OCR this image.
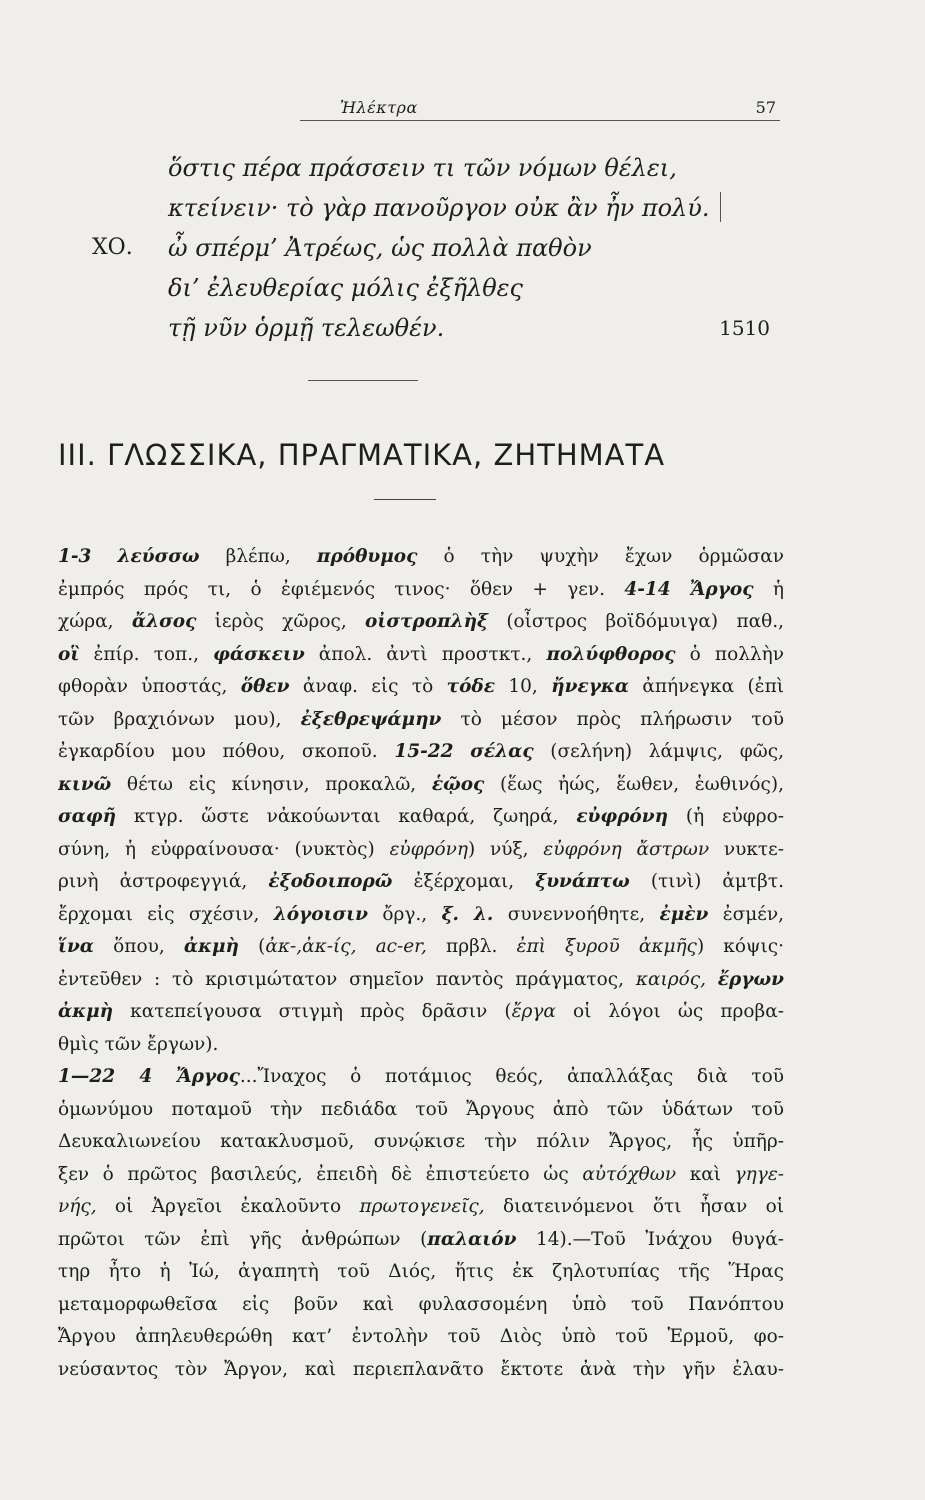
Ἠλέκτρα	57
ὅστις πέρα πράσσειν τι τῶν νόμων θέλει,
κτείνειν· τὸ γὰρ πανοῦργον οὐκ ἂν ἦν πολύ.
ΧΟ. ὦ σπέρμ’ Ἀτρέως, ὡς πολλὰ παθὸν
δι’ ἐλευθερίας μόλις ἐξῆλθες
τῇ νῦν ὁρμῇ τελεωθέν.	1510
ΙΙΙ. ΓΛΩΣΣΙΚΑ, ΠΡΑΓΜΑΤΙΚΑ, ΖΗΤΗΜΑΤΑ
1-3 λεύσσω βλέπω, πρόθυμος ὁ τὴν ψυχὴν ἔχων ὁρμῶσαν
ἐμπρός πρός τι, ὁ ἐφιέμενός τινος· ὅθεν + γεν. 4-14 Ἄργος ἡ
χώρα, ἄλσος ἱερὸς χῶρος, οἰστροπλὴξ (οἶστρος βοϊδόμυιγα) παθ.,
οἳ ἐπίρ. τοπ., φάσκειν ἀπολ. ἀντὶ προστκτ., πολύφθορος ὁ πολλὴν
φθορὰν ὑποστάς, ὅθεν ἀναφ. εἰς τὸ τόδε 10, ἤνεγκα ἀπήνεγκα (ἐπὶ
τῶν βραχιόνων μου), ἐξεθρεψάμην τὸ μέσον πρὸς πλήρωσιν τοῦ
ἐγκαρδίου μου πόθου, σκοποῦ. 15-22 σέλας (σελήνη) λάμψις, φῶς,
κινῶ θέτω εἰς κίνησιν, προκαλῶ, ἑῷος (ἕως ἠώς, ἕωθεν, ἑωθινός),
σαφῆ κτγρ. ὥστε νἀκούωνται καθαρά, ζωηρά, εὐφρόνη (ἡ εὐφρο-
σύνη, ἡ εὐφραίνουσα· (νυκτὸς) εὐφρόνη) νύξ, εὐφρόνη ἄστρων νυκτε-
ρινὴ ἀστροφεγγιά, ἐξοδοιπορῶ ἐξέρχομαι, ξυνάπτω (τινὶ) ἀμτβτ.
ἔρχομαι εἰς σχέσιν, λόγοισιν ὄργ., ξ. λ. συνεννοήθητε, ἐμὲν ἐσμέν,
ἵνα ὅπου, ἀκμὴ (ἀκ-,ἀκ-ίς, ac-er, πρβλ. ἐπὶ ξυροῦ ἀκμῆς) κόψις·
ἐντεῦθεν : τὸ κρισιμώτατον σημεῖον παντὸς πράγματος, καιρός, ἔργων
ἀκμὴ κατεπείγουσα στιγμὴ πρὸς δρᾶσιν (ἔργα οἱ λόγοι ὡς προβα-
θμὶς τῶν ἔργων).
1—22 4 Ἄργος...Ἴναχος ὁ ποτάμιος θεός, ἀπαλλάξας διὰ τοῦ
ὁμωνύμου ποταμοῦ τὴν πεδιάδα τοῦ Ἄργους ἀπὸ τῶν ὑδάτων τοῦ
Δευκαλιωνείου κατακλυσμοῦ, συνῴκισε τὴν πόλιν Ἄργος, ἧς ὑπῆρ-
ξεν ὁ πρῶτος βασιλεύς, ἐπειδὴ δὲ ἐπιστεύετο ὡς αὐτόχθων καὶ γηγε-
νής, οἱ Ἀργεῖοι ἐκαλοῦντο πρωτογενεῖς, διατεινόμενοι ὅτι ἦσαν οἱ
πρῶτοι τῶν ἐπὶ γῆς ἀνθρώπων (παλαιόν 14).—Τοῦ Ἰνάχου θυγά-
τηρ ἦτο ἡ Ἰώ, ἀγαπητὴ τοῦ Διός, ἥτις ἐκ ζηλοτυπίας τῆς Ἥρας
μεταμορφωθεῖσα εἰς βοῦν καὶ φυλασσομένη ὑπὸ τοῦ Πανόπτου
Ἄργου ἀπηλευθερώθη κατ’ ἐντολὴν τοῦ Διὸς ὑπὸ τοῦ Ἑρμοῦ, φο-
νεύσαντος τὸν Ἄργον, καὶ περιεπλανᾶτο ἔκτοτε ἀνὰ τὴν γῆν ἐλαυ-
